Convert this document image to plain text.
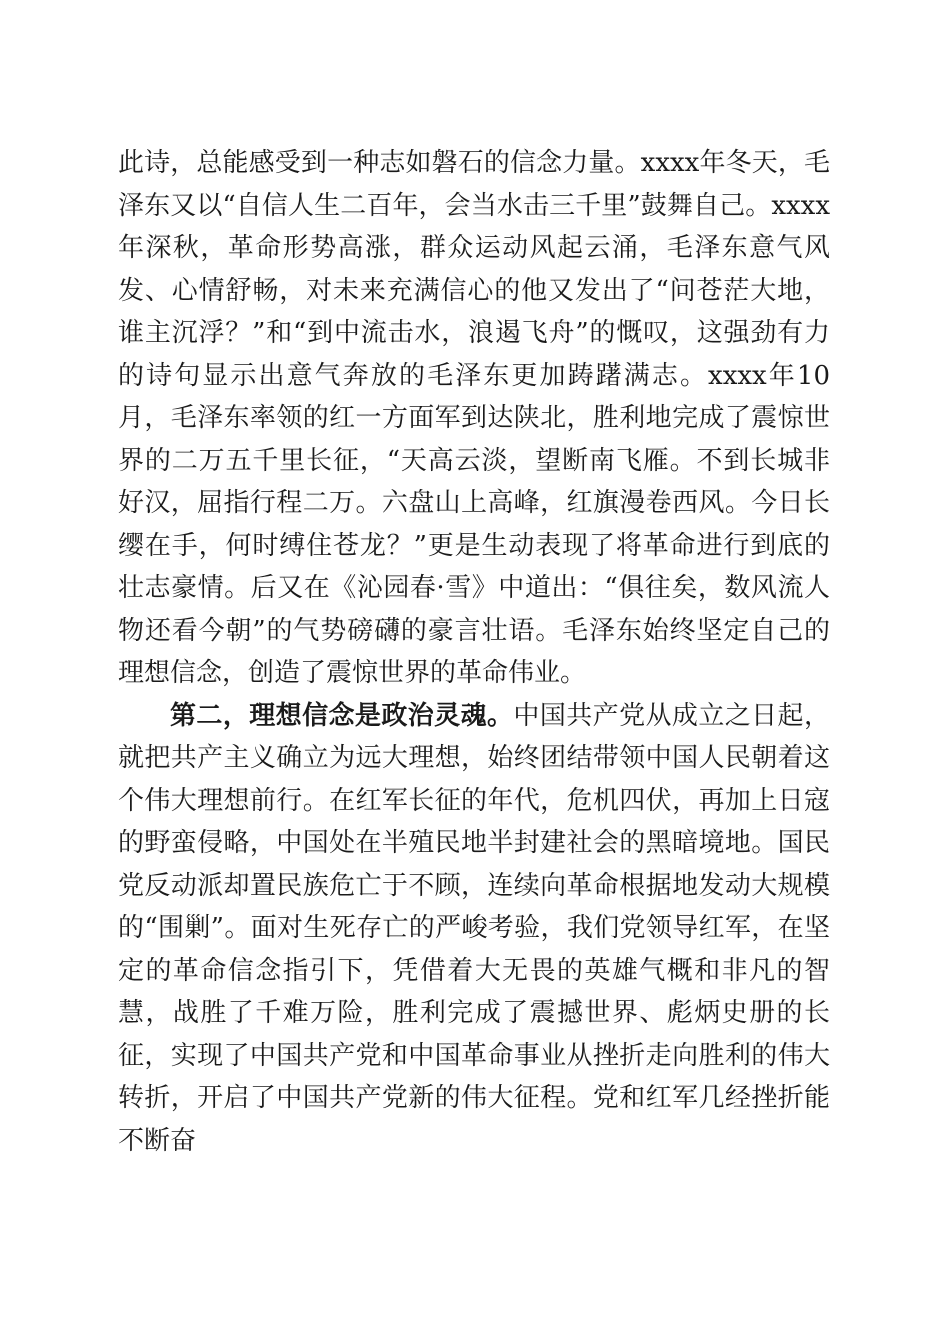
此诗，总能感受到一种志如磐石的信念力量。xxxx年冬天，毛泽东又以“自信人生二百年，会当水击三千里”鼓舞自己。xxxx年深秋，革命形势高涨，群众运动风起云涌，毛泽东意气风发、心情舒畅，对未来充满信心的他又发出了“问苍茫大地，谁主沉浮？”和“到中流击水，浪遏飞舟”的慨叹，这强劲有力的诗句显示出意气奔放的毛泽东更加踌躇满志。xxxx年10月，毛泽东率领的红一方面军到达陕北，胜利地完成了震惊世界的二万五千里长征，“天高云淡，望断南飞雁。不到长城非好汉，屈指行程二万。六盘山上高峰，红旗漫卷西风。今日长缨在手，何时缚住苍龙？”更是生动表现了将革命进行到底的壮志豪情。后又在《沁园春·雪》中道出：“俱往矣，数风流人物还看今朝”的气势磅礴的豪言壮语。毛泽东始终坚定自己的理想信念，创造了震惊世界的革命伟业。

第二，理想信念是政治灵魂。中国共产党从成立之日起，就把共产主义确立为远大理想，始终团结带领中国人民朝着这个伟大理想前行。在红军长征的年代，危机四伏，再加上日寇的野蛮侵略，中国处在半殖民地半封建社会的黑暗境地。国民党反动派却置民族危亡于不顾，连续向革命根据地发动大规模的“围剿”。面对生死存亡的严峻考验，我们党领导红军，在坚定的革命信念指引下，凭借着大无畏的英雄气概和非凡的智慧，战胜了千难万险，胜利完成了震撼世界、彪炳史册的长征，实现了中国共产党和中国革命事业从挫折走向胜利的伟大转折，开启了中国共产党新的伟大征程。党和红军几经挫折能不断奋
